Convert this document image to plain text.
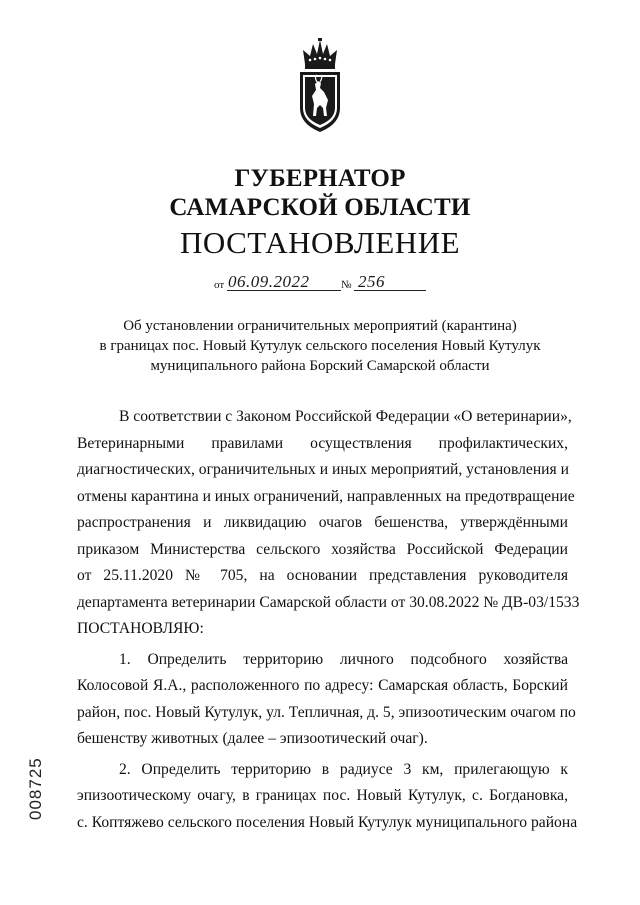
ГУБЕРНАТОР
САМАРСКОЙ ОБЛАСТИ
ПОСТАНОВЛЕНИЕ
от 06.09.2022	№ 256
Об установлении ограничительных мероприятий (карантина)
в границах пос. Новый Кутулук сельского поселения Новый Кутулук
муниципального района Борский Самарской области
В соответствии с Законом Российской Федерации «О ветеринарии»,
Ветеринарными правилами осуществления профилактических,
диагностических, ограничительных и иных мероприятий, установления и
отмены карантина и иных ограничений, направленных на предотвращение
распространения и ликвидацию очагов бешенства, утверждёнными
приказом Министерства сельского хозяйства Российской Федерации
от 25.11.2020 № 705, на основании представления руководителя
департамента ветеринарии Самарской области от 30.08.2022 № ДВ-03/1533
ПОСТАНОВЛЯЮ:
1. Определить территорию личного подсобного хозяйства
Колосовой Я.А., расположенного по адресу: Самарская область, Борский
район, пос. Новый Кутулук, ул. Тепличная, д. 5, эпизоотическим очагом по
бешенству животных (далее – эпизоотический очаг).
2. Определить территорию в радиусе 3 км, прилегающую к
эпизоотическому очагу, в границах пос. Новый Кутулук, с. Богдановка,
с. Коптяжево сельского поселения Новый Кутулук муниципального района
008725
